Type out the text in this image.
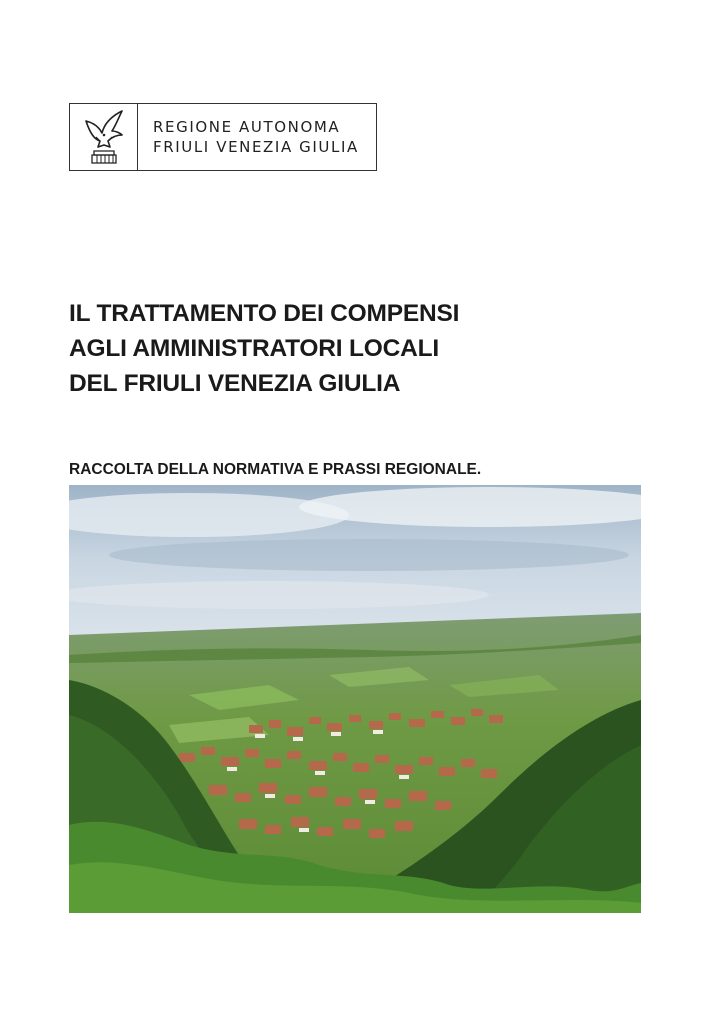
REGIONE AUTONOMA
FRIULI VENEZIA GIULIA
IL TRATTAMENTO DEI COMPENSI
AGLI AMMINISTRATORI LOCALI
DEL FRIULI VENEZIA GIULIA
RACCOLTA DELLA NORMATIVA E PRASSI REGIONALE.
